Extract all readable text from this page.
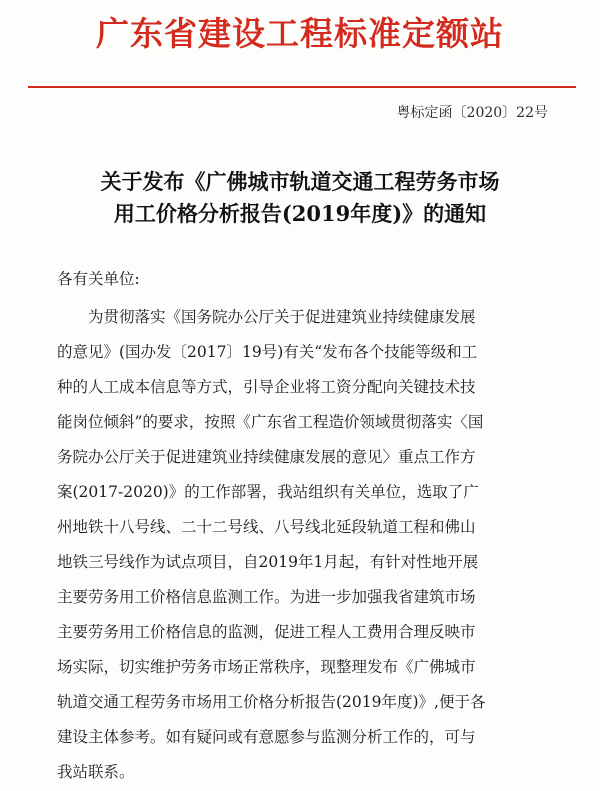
广东省建设工程标准定额站
粤标定函〔2020〕22号
关于发布《广佛城市轨道交通工程劳务市场
用工价格分析报告(2019年度)》的通知
各有关单位:
为贯彻落实《国务院办公厅关于促进建筑业持续健康发展
的意见》(国办发〔2017〕19号)有关“发布各个技能等级和工
种的人工成本信息等方式，引导企业将工资分配向关键技术技
能岗位倾斜”的要求，按照《广东省工程造价领域贯彻落实〈国
务院办公厅关于促进建筑业持续健康发展的意见〉重点工作方
案(2017-2020)》的工作部署，我站组织有关单位，选取了广
州地铁十八号线、二十二号线、八号线北延段轨道工程和佛山
地铁三号线作为试点项目，自2019年1月起，有针对性地开展
主要劳务用工价格信息监测工作。为进一步加强我省建筑市场
主要劳务用工价格信息的监测，促进工程人工费用合理反映市
场实际，切实维护劳务市场正常秩序，现整理发布《广佛城市
轨道交通工程劳务市场用工价格分析报告(2019年度)》,便于各
建设主体参考。如有疑问或有意愿参与监测分析工作的，可与
我站联系。
